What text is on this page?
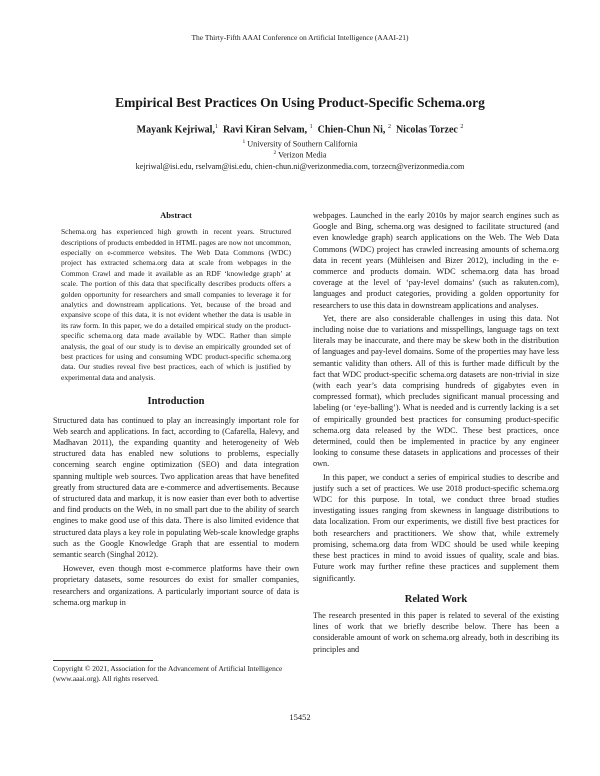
The Thirty-Fifth AAAI Conference on Artificial Intelligence (AAAI-21)
Empirical Best Practices On Using Product-Specific Schema.org
Mayank Kejriwal,$^1$ Ravi Kiran Selvam, $^1$ Chien-Chun Ni, $^2$ Nicolas Torzec $^2$
$^1$ University of Southern California
$^2$ Verizon Media
kejriwal@isi.edu, rselvam@isi.edu, chien-chun.ni@verizonmedia.com, torzecn@verizonmedia.com
Abstract
Schema.org has experienced high growth in recent years. Structured descriptions of products embedded in HTML pages are now not uncommon, especially on e-commerce websites. The Web Data Commons (WDC) project has extracted schema.org data at scale from webpages in the Common Crawl and made it available as an RDF ‘knowledge graph’ at scale. The portion of this data that specifically describes products offers a golden opportunity for researchers and small companies to leverage it for analytics and downstream applications. Yet, because of the broad and expansive scope of this data, it is not evident whether the data is usable in its raw form. In this paper, we do a detailed empirical study on the product-specific schema.org data made available by WDC. Rather than simple analysis, the goal of our study is to devise an empirically grounded set of best practices for using and consuming WDC product-specific schema.org data. Our studies reveal five best practices, each of which is justified by experimental data and analysis.
Introduction

Structured data has continued to play an increasingly important role for Web search and applications. In fact, according to (Cafarella, Halevy, and Madhavan 2011), the expanding quantity and heterogeneity of Web structured data has enabled new solutions to problems, especially concerning search engine optimization (SEO) and data integration spanning multiple web sources. Two application areas that have benefited greatly from structured data are e-commerce and advertisements. Because of structured data and markup, it is now easier than ever both to advertise and find products on the Web, in no small part due to the ability of search engines to make good use of this data. There is also limited evidence that structured data plays a key role in populating Web-scale knowledge graphs such as the Google Knowledge Graph that are essential to modern semantic search (Singhal 2012).

However, even though most e-commerce platforms have their own proprietary datasets, some resources do exist for smaller companies, researchers and organizations. A particularly important source of data is schema.org markup in

Copyright © 2021, Association for the Advancement of Artificial Intelligence (www.aaai.org). All rights reserved.

webpages. Launched in the early 2010s by major search engines such as Google and Bing, schema.org was designed to facilitate structured (and even knowledge graph) search applications on the Web. The Web Data Commons (WDC) project has crawled increasing amounts of schema.org data in recent years (Mühleisen and Bizer 2012), including in the e-commerce and products domain. WDC schema.org data has broad coverage at the level of ‘pay-level domains’ (such as rakuten.com), languages and product categories, providing a golden opportunity for researchers to use this data in downstream applications and analyses.

Yet, there are also considerable challenges in using this data. Not including noise due to variations and misspellings, language tags on text literals may be inaccurate, and there may be skew both in the distribution of languages and pay-level domains. Some of the properties may have less semantic validity than others. All of this is further made difficult by the fact that WDC product-specific schema.org datasets are non-trivial in size (with each year’s data comprising hundreds of gigabytes even in compressed format), which precludes significant manual processing and labeling (or ‘eye-balling’). What is needed and is currently lacking is a set of empirically grounded best practices for consuming product-specific schema.org data released by the WDC. These best practices, once determined, could then be implemented in practice by any engineer looking to consume these datasets in applications and processes of their own.

In this paper, we conduct a series of empirical studies to describe and justify such a set of practices. We use 2018 product-specific schema.org WDC for this purpose. In total, we conduct three broad studies investigating issues ranging from skewness in language distributions to data localization. From our experiments, we distill five best practices for both researchers and practitioners. We show that, while extremely promising, schema.org data from WDC should be used while keeping these best practices in mind to avoid issues of quality, scale and bias. Future work may further refine these practices and supplement them significantly.

Related Work

The research presented in this paper is related to several of the existing lines of work that we briefly describe below. There has been a considerable amount of work on schema.org already, both in describing its principles and

15452
